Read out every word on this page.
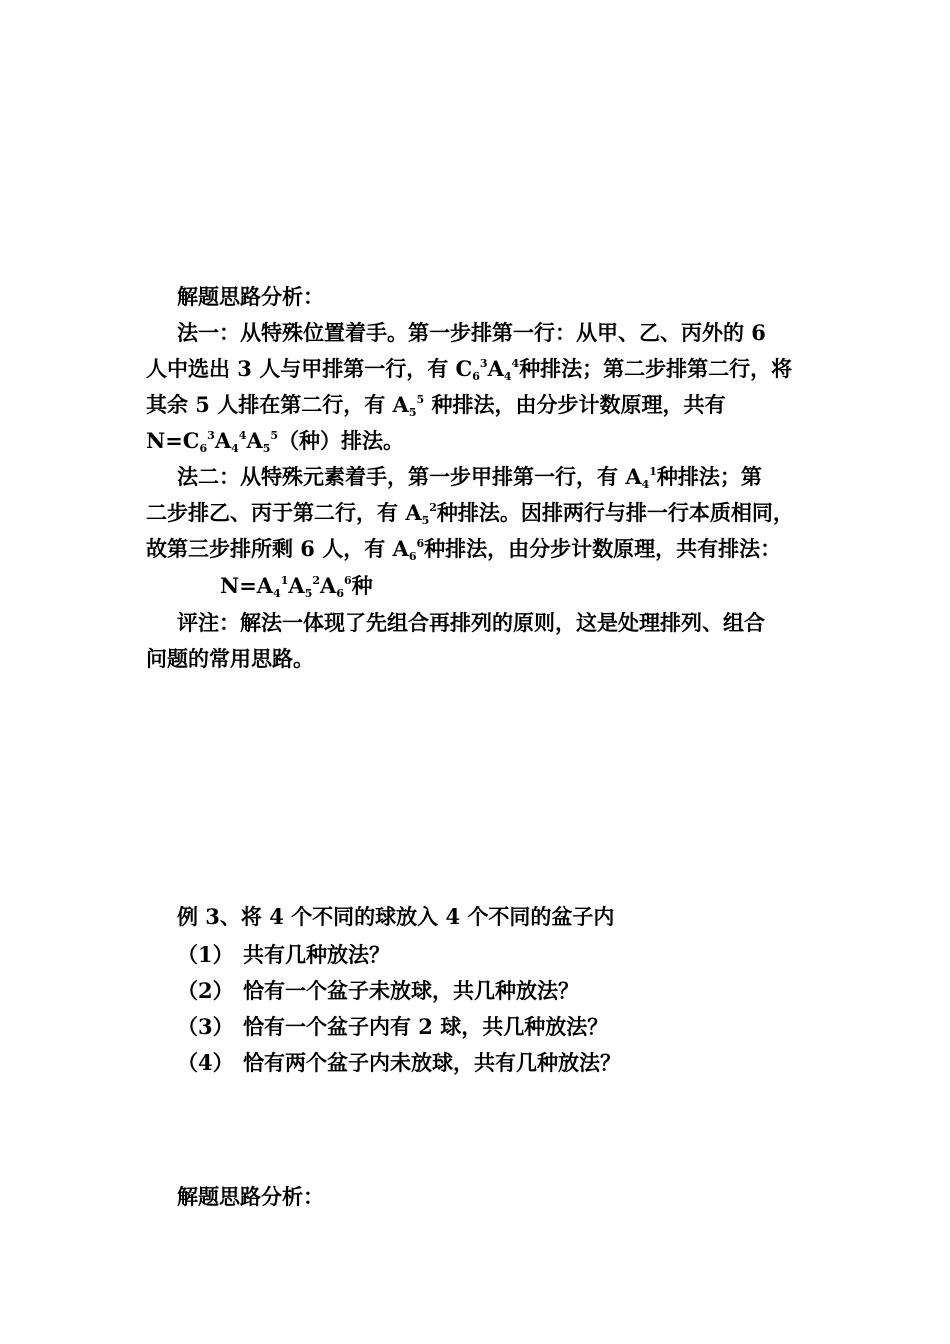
解题思路分析：
法一：从特殊位置着手。第一步排第一行：从甲、乙、丙外的 6
人中选出 3 人与甲排第一行，有 $C_6^3A_4^4$种排法；第二步排第二行，将
其余 5 人排在第二行，有 $A_5^5$ 种排法，由分步计数原理，共有
$N=C_6^3A_4^4A_5^5$（种）排法。
法二：从特殊元素着手，第一步甲排第一行，有 $A_4^1$种排法；第
二步排乙、丙于第二行，有 $A_5^2$种排法。因排两行与排一行本质相同，
故第三步排所剩 6 人，有 $A_6^6$种排法，由分步计数原理，共有排法：
$N=A_4^1A_5^2A_6^6$种
评注：解法一体现了先组合再排列的原则，这是处理排列、组合
问题的常用思路。
例 3、将 4 个不同的球放入 4 个不同的盆子内
（1） 共有几种放法？
（2） 恰有一个盆子未放球，共几种放法？
（3） 恰有一个盆子内有 2 球，共几种放法？
（4） 恰有两个盆子内未放球，共有几种放法？
解题思路分析：
